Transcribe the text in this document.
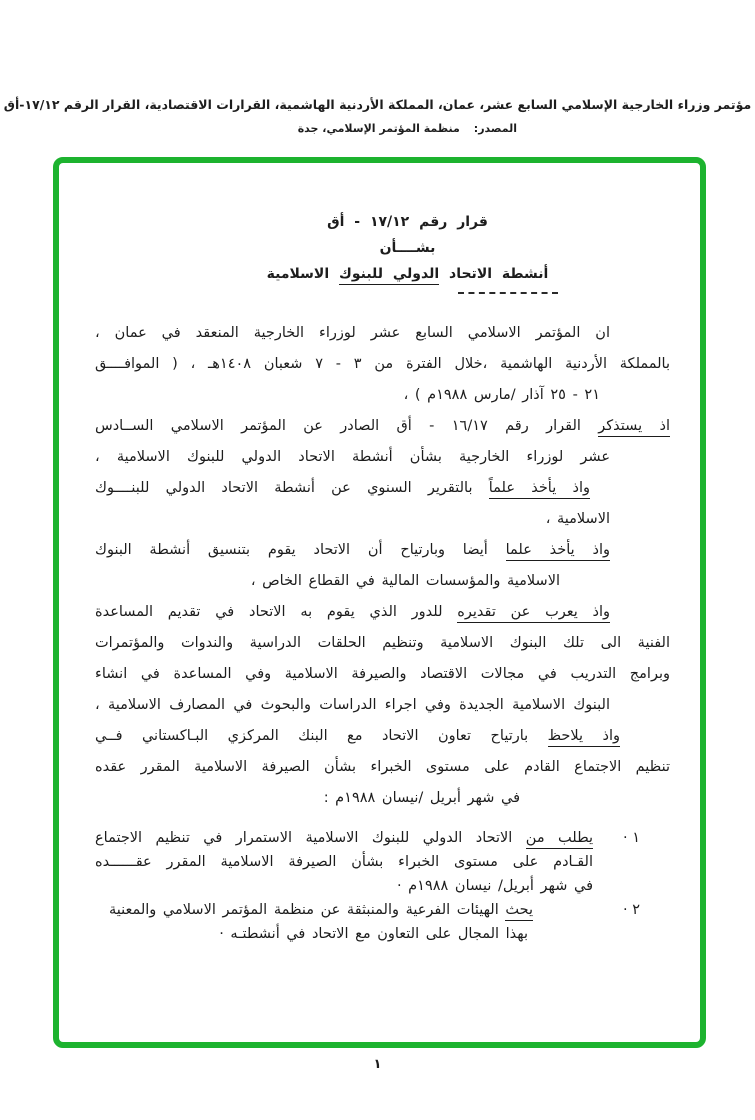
مؤتمر وزراء الخارجية الإسلامي السابع عشر، عمان، المملكة الأردنية الهاشمية، القرارات الاقتصادية، القرار الرقم ١٧/١٢-أق
المصدر:منظمة المؤتمر الإسلامي، جدة
قرار رقم ١٧/١٢ - أق
بشــــأن
أنشطة الاتحاد الدولي للبنوك الاسلامية
ان المؤتمر الاسلامي السابع عشر لوزراء الخارجية المنعقد في عمان ،
بالمملكة الأردنية الهاشمية ،خلال الفترة من ٣ - ٧ شعبان ١٤٠٨هـ ، ( الموافــــق
٢١ - ٢٥ آذار /مارس ١٩٨٨م ) ،
اذ يستذكر القرار رقم ١٦/١٧ - أق الصادر عن المؤتمر الاسلامي الســادس
عشر لوزراء الخارجية بشأن أنشطة الاتحاد الدولي للبنوك الاسلامية ،
واذ يأخذ علماً بالتقرير السنوي عن أنشطة الاتحاد الدولي للبنــــوك
الاسلامية ،
واذ يأخذ علما أيضا وبارتياح أن الاتحاد يقوم بتنسيق أنشطة البنوك
الاسلامية والمؤسسات المالية في القطاع الخاص ،
واذ يعرب عن تقديره للدور الذي يقوم به الاتحاد في تقديم المساعدة
الفنية الى تلك البنوك الاسلامية وتنظيم الحلقات الدراسية والندوات والمؤتمرات
وبرامج التدريب في مجالات الاقتصاد والصيرفة الاسلامية وفي المساعدة في انشاء
البنوك الاسلامية الجديدة وفي اجراء الدراسات والبحوث في المصارف الاسلامية ،
واذ يلاحظ بارتياح تعاون الاتحاد مع البنك المركزي البـاكستاني فــي
تنظيم الاجتماع القادم على مستوى الخبراء بشأن الصيرفة الاسلامية المقرر عقده
في شهر أبريل /نيسان ١٩٨٨م :
١ ·
يطلب من الاتحاد الدولي للبنوك الاسلامية الاستمرار في تنظيم الاجتماع
القـادم على مستوى الخبراء بشأن الصيرفة الاسلامية المقرر عقــــــده
في شهر أبريل/ نيسان ١٩٨٨م ·
٢ ·
يحث الهيئات الفرعية والمنبثقة عن منظمة المؤتمر الاسلامي والمعنية
بهذا المجال على التعاون مع الاتحاد في أنشطتـه ·
١
